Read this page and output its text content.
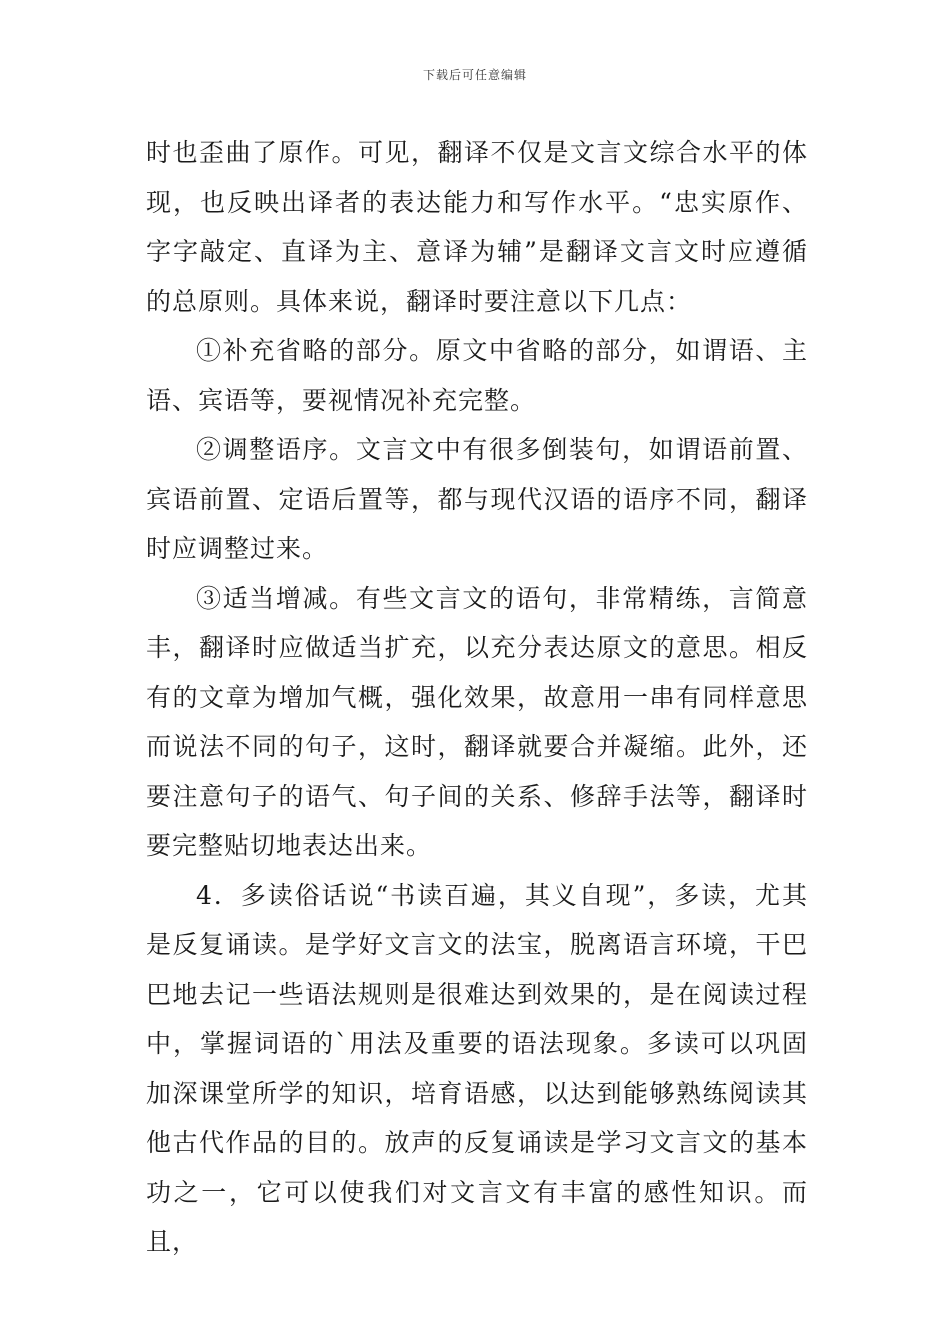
下载后可任意编辑

时也歪曲了原作。可见，翻译不仅是文言文综合水平的体现，也反映出译者的表达能力和写作水平。“忠实原作、字字敲定、直译为主、意译为辅”是翻译文言文时应遵循的总原则。具体来说，翻译时要注意以下几点：

①补充省略的部分。原文中省略的部分，如谓语、主语、宾语等，要视情况补充完整。

②调整语序。文言文中有很多倒装句，如谓语前置、宾语前置、定语后置等，都与现代汉语的语序不同，翻译时应调整过来。

③适当增减。有些文言文的语句，非常精练，言简意丰，翻译时应做适当扩充，以充分表达原文的意思。相反有的文章为增加气概，强化效果，故意用一串有同样意思而说法不同的句子，这时，翻译就要合并凝缩。此外，还要注意句子的语气、句子间的关系、修辞手法等，翻译时要完整贴切地表达出来。

4．多读俗话说“书读百遍，其义自现”，多读，尤其是反复诵读。是学好文言文的法宝，脱离语言环境，干巴巴地去记一些语法规则是很难达到效果的，是在阅读过程中，掌握词语的`用法及重要的语法现象。多读可以巩固加深课堂所学的知识，培育语感，以达到能够熟练阅读其他古代作品的目的。放声的反复诵读是学习文言文的基本功之一，它可以使我们对文言文有丰富的感性知识。而且，
